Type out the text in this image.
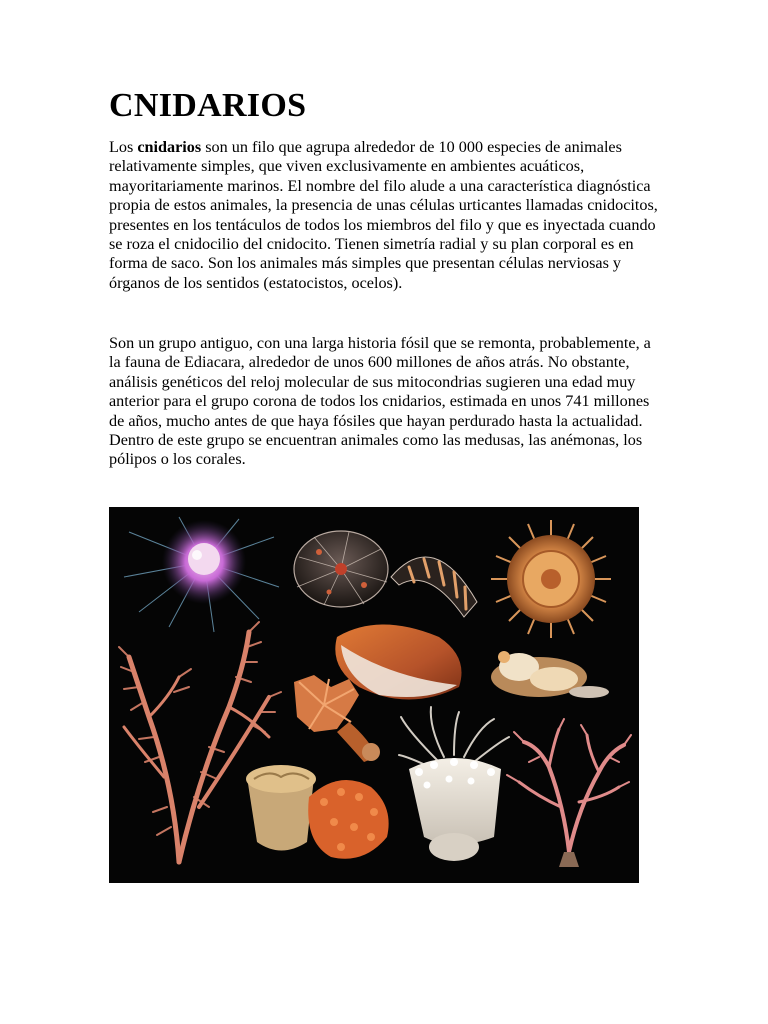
CNIDARIOS

Los cnidarios son un filo que agrupa alrededor de 10 000 especies de animales relativamente simples, que viven exclusivamente en ambientes acuáticos, mayoritariamente marinos. El nombre del filo alude a una característica diagnóstica propia de estos animales, la presencia de unas células urticantes llamadas cnidocitos, presentes en los tentáculos de todos los miembros del filo y que es inyectada cuando se roza el cnidocilio del cnidocito. Tienen simetría radial y su plan corporal es en forma de saco. Son los animales más simples que presentan células nerviosas y órganos de los sentidos (estatocistos, ocelos).

Son un grupo antiguo, con una larga historia fósil que se remonta, probablemente, a la fauna de Ediacara, alrededor de unos 600 millones de años atrás. No obstante, análisis genéticos del reloj molecular de sus mitocondrias sugieren una edad muy anterior para el grupo corona de todos los cnidarios, estimada en unos 741 millones de años, mucho antes de que haya fósiles que hayan perdurado hasta la actualidad. Dentro de este grupo se encuentran animales como las medusas, las anémonas, los pólipos o los corales.
